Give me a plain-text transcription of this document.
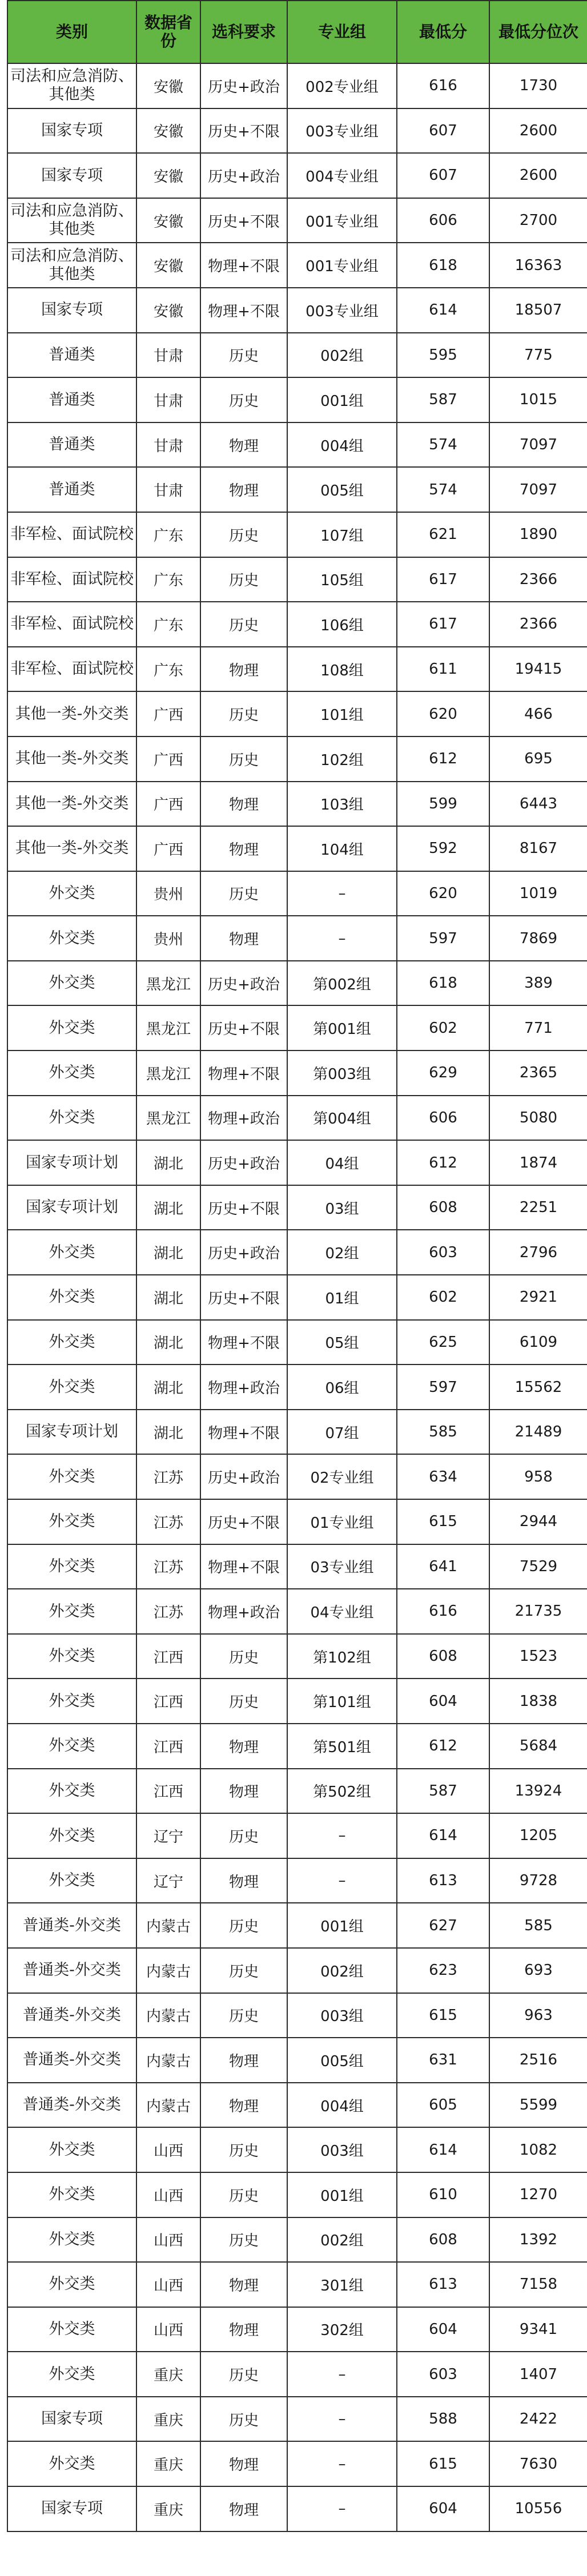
类别	数据省份	选科要求	专业组	最低分	最低分位次
司法和应急消防、其他类	安徽	历史+政治	002专业组	616	1730
国家专项	安徽	历史+不限	003专业组	607	2600
国家专项	安徽	历史+政治	004专业组	607	2600
司法和应急消防、其他类	安徽	历史+不限	001专业组	606	2700
司法和应急消防、其他类	安徽	物理+不限	001专业组	618	16363
国家专项	安徽	物理+不限	003专业组	614	18507
普通类	甘肃	历史	002组	595	775
普通类	甘肃	历史	001组	587	1015
普通类	甘肃	物理	004组	574	7097
普通类	甘肃	物理	005组	574	7097
非军检、面试院校	广东	历史	107组	621	1890
非军检、面试院校	广东	历史	105组	617	2366
非军检、面试院校	广东	历史	106组	617	2366
非军检、面试院校	广东	物理	108组	611	19415
其他一类-外交类	广西	历史	101组	620	466
其他一类-外交类	广西	历史	102组	612	695
其他一类-外交类	广西	物理	103组	599	6443
其他一类-外交类	广西	物理	104组	592	8167
外交类	贵州	历史	–	620	1019
外交类	贵州	物理	–	597	7869
外交类	黑龙江	历史+政治	第002组	618	389
外交类	黑龙江	历史+不限	第001组	602	771
外交类	黑龙江	物理+不限	第003组	629	2365
外交类	黑龙江	物理+政治	第004组	606	5080
国家专项计划	湖北	历史+政治	04组	612	1874
国家专项计划	湖北	历史+不限	03组	608	2251
外交类	湖北	历史+政治	02组	603	2796
外交类	湖北	历史+不限	01组	602	2921
外交类	湖北	物理+不限	05组	625	6109
外交类	湖北	物理+政治	06组	597	15562
国家专项计划	湖北	物理+不限	07组	585	21489
外交类	江苏	历史+政治	02专业组	634	958
外交类	江苏	历史+不限	01专业组	615	2944
外交类	江苏	物理+不限	03专业组	641	7529
外交类	江苏	物理+政治	04专业组	616	21735
外交类	江西	历史	第102组	608	1523
外交类	江西	历史	第101组	604	1838
外交类	江西	物理	第501组	612	5684
外交类	江西	物理	第502组	587	13924
外交类	辽宁	历史	–	614	1205
外交类	辽宁	物理	–	613	9728
普通类-外交类	内蒙古	历史	001组	627	585
普通类-外交类	内蒙古	历史	002组	623	693
普通类-外交类	内蒙古	历史	003组	615	963
普通类-外交类	内蒙古	物理	005组	631	2516
普通类-外交类	内蒙古	物理	004组	605	5599
外交类	山西	历史	003组	614	1082
外交类	山西	历史	001组	610	1270
外交类	山西	历史	002组	608	1392
外交类	山西	物理	301组	613	7158
外交类	山西	物理	302组	604	9341
外交类	重庆	历史	–	603	1407
国家专项	重庆	历史	–	588	2422
外交类	重庆	物理	–	615	7630
国家专项	重庆	物理	–	604	10556
